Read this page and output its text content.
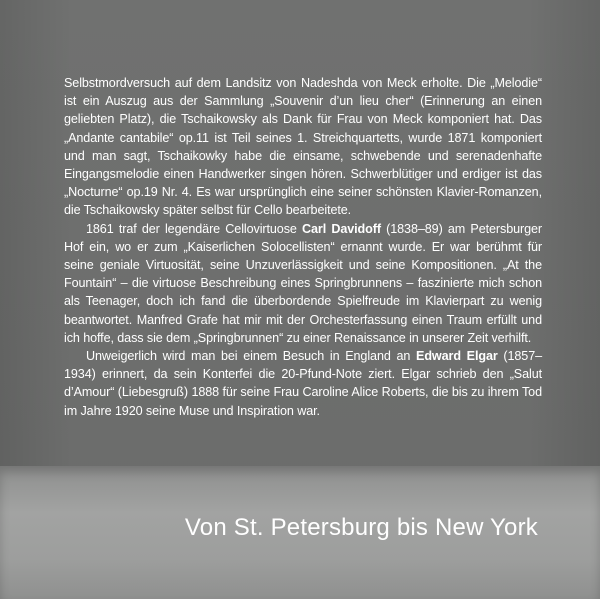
Selbstmordversuch auf dem Landsitz von Nadeshda von Meck erholte. Die „Melodie“ ist ein Auszug aus der Sammlung „Souvenir d’un lieu cher“ (Erinnerung an einen geliebten Platz), die Tschaikowsky als Dank für Frau von Meck komponiert hat. Das „Andante cantabile“ op.11 ist Teil seines 1. Streichquartetts, wurde 1871 komponiert und man sagt, Tschaikowky habe die einsame, schwebende und serenadenhafte Eingangsmelodie einen Handwerker singen hören. Schwerblütiger und erdiger ist das „Nocturne“ op.19 Nr. 4. Es war ursprünglich eine seiner schönsten Klavier-Romanzen, die Tschaikowsky später selbst für Cello bearbeitete.

1861 traf der legendäre Cellovirtuose Carl Davidoff (1838–89) am Petersburger Hof ein, wo er zum „Kaiserlichen Solocellisten“ ernannt wurde. Er war berühmt für seine geniale Virtuosität, seine Unzuverlässigkeit und seine Kompositionen. „At the Fountain“ – die virtuose Beschreibung eines Springbrunnens – faszinierte mich schon als Teenager, doch ich fand die überbordende Spielfreude im Klavierpart zu wenig beantwortet. Manfred Grafe hat mir mit der Orchesterfassung einen Traum erfüllt und ich hoffe, dass sie dem „Springbrunnen“ zu einer Renaissance in unserer Zeit verhilft.

Unweigerlich wird man bei einem Besuch in England an Edward Elgar (1857–1934) erinnert, da sein Konterfei die 20-Pfund-Note ziert. Elgar schrieb den „Salut d’Amour“ (Liebesgruß) 1888 für seine Frau Caroline Alice Roberts, die bis zu ihrem Tod im Jahre 1920 seine Muse und Inspiration war.

Von St. Petersburg bis New York
